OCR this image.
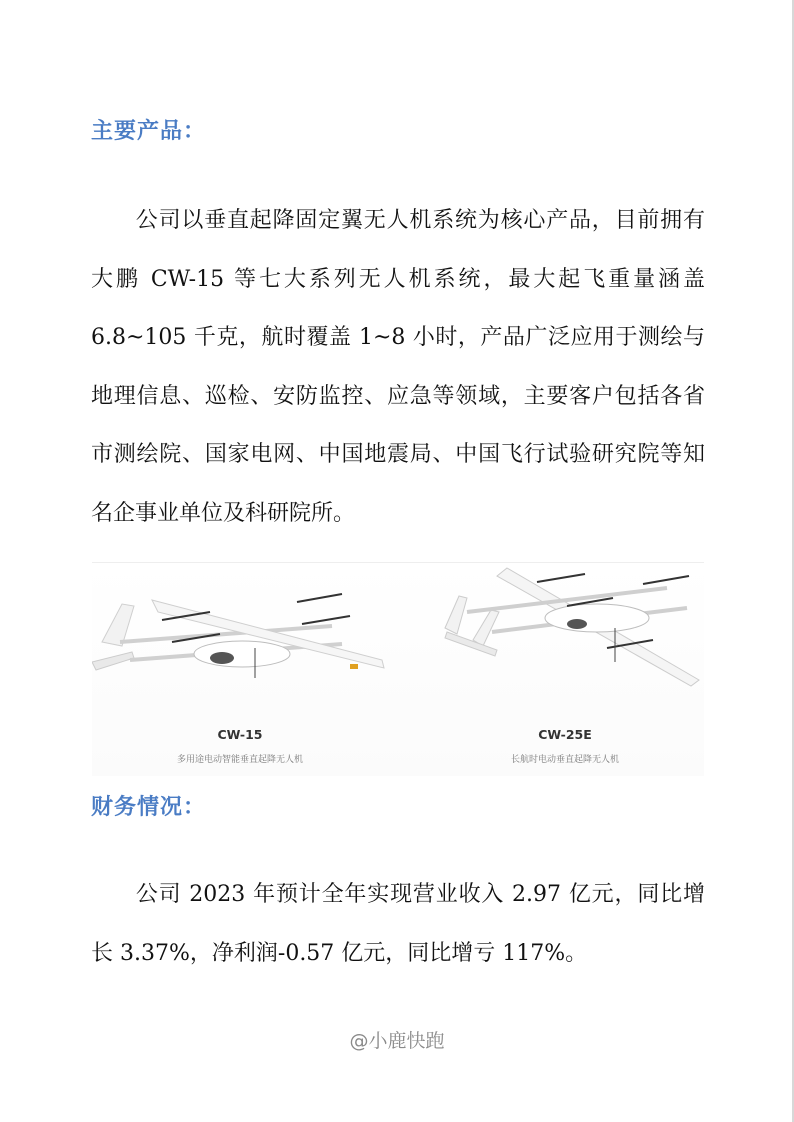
主要产品：

公司以垂直起降固定翼无人机系统为核心产品，目前拥有大鹏 CW-15 等七大系列无人机系统，最大起飞重量涵盖 6.8~105 千克，航时覆盖 1~8 小时，产品广泛应用于测绘与地理信息、巡检、安防监控、应急等领域，主要客户包括各省市测绘院、国家电网、中国地震局、中国飞行试验研究院等知名企事业单位及科研院所。

CW-15
多用途电动智能垂直起降无人机
CW-25E
长航时电动垂直起降无人机
财务情况：

公司 2023 年预计全年实现营业收入 2.97 亿元，同比增长 3.37%，净利润-0.57 亿元，同比增亏 117%。

@小鹿快跑
